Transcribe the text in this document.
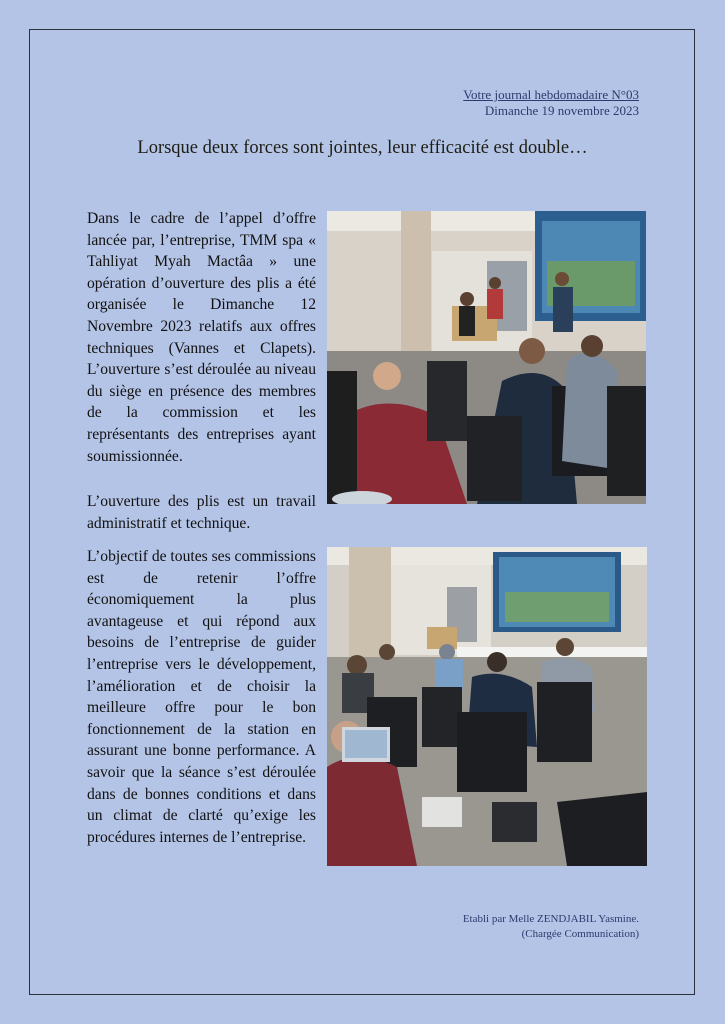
Votre journal hebdomadaire N°03
Dimanche 19 novembre 2023
Lorsque deux forces sont jointes, leur efficacité est double…

Dans le cadre de l’appel d’offre lancée par, l’entreprise, TMM spa « Tahliyat Myah Mactâa » une opération d’ouverture des plis a été organisée le Dimanche 12 Novembre 2023 relatifs aux offres techniques (Vannes et Clapets). L’ouverture s’est déroulée au niveau du siège en présence des membres de la commission et les représentants des entreprises ayant soumissionnée.

L’ouverture des plis est un travail administratif et technique.

L’objectif de toutes ses commissions est de retenir l’offre économiquement la plus avantageuse et qui répond aux besoins de l’entreprise de guider l’entreprise vers le développement, l’amélioration et de choisir la meilleure offre pour le bon fonctionnement de la station en assurant une bonne performance. A savoir que la séance s’est déroulée dans de bonnes conditions et dans un climat de clarté qu’exige les procédures internes de l’entreprise.

Etabli par Melle ZENDJABIL Yasmine.
(Chargée Communication)
